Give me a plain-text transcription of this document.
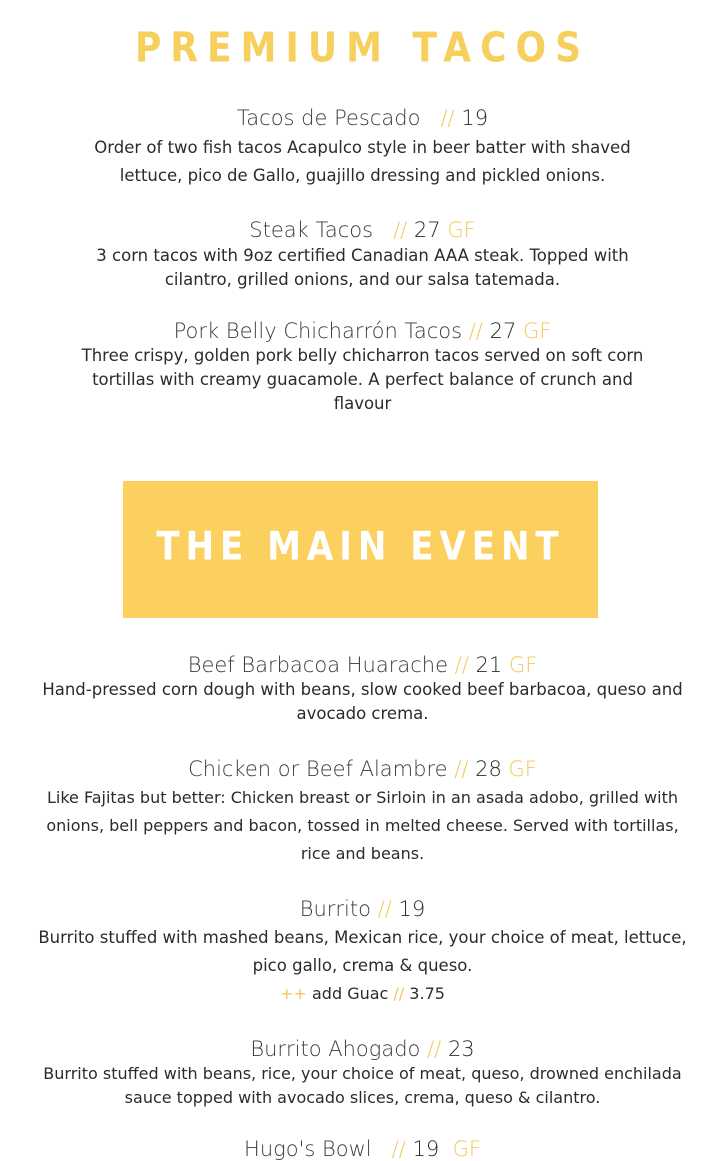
PREMIUM TACOS
Tacos de Pescado // 19
Order of two fish tacos Acapulco style in beer batter with shaved
lettuce, pico de Gallo, guajillo dressing and pickled onions.
Steak Tacos // 27 GF
3 corn tacos with 9oz certified Canadian AAA steak. Topped with
cilantro, grilled onions, and our salsa tatemada.
Pork Belly Chicharrón Tacos // 27 GF
Three crispy, golden pork belly chicharron tacos served on soft corn
tortillas with creamy guacamole. A perfect balance of crunch and
flavour
THE MAIN EVENT
Beef Barbacoa Huarache // 21 GF
Hand-pressed corn dough with beans, slow cooked beef barbacoa, queso and
avocado crema.
Chicken or Beef Alambre // 28 GF
Like Fajitas but better: Chicken breast or Sirloin in an asada adobo, grilled with
onions, bell peppers and bacon, tossed in melted cheese. Served with tortillas,
rice and beans.
Burrito // 19
Burrito stuffed with mashed beans, Mexican rice, your choice of meat, lettuce,
pico gallo, crema & queso.
++ add Guac // 3.75
Burrito Ahogado // 23
Burrito stuffed with beans, rice, your choice of meat, queso, drowned enchilada
sauce topped with avocado slices, crema, queso & cilantro.
Hugo's Bowl // 19 GF
